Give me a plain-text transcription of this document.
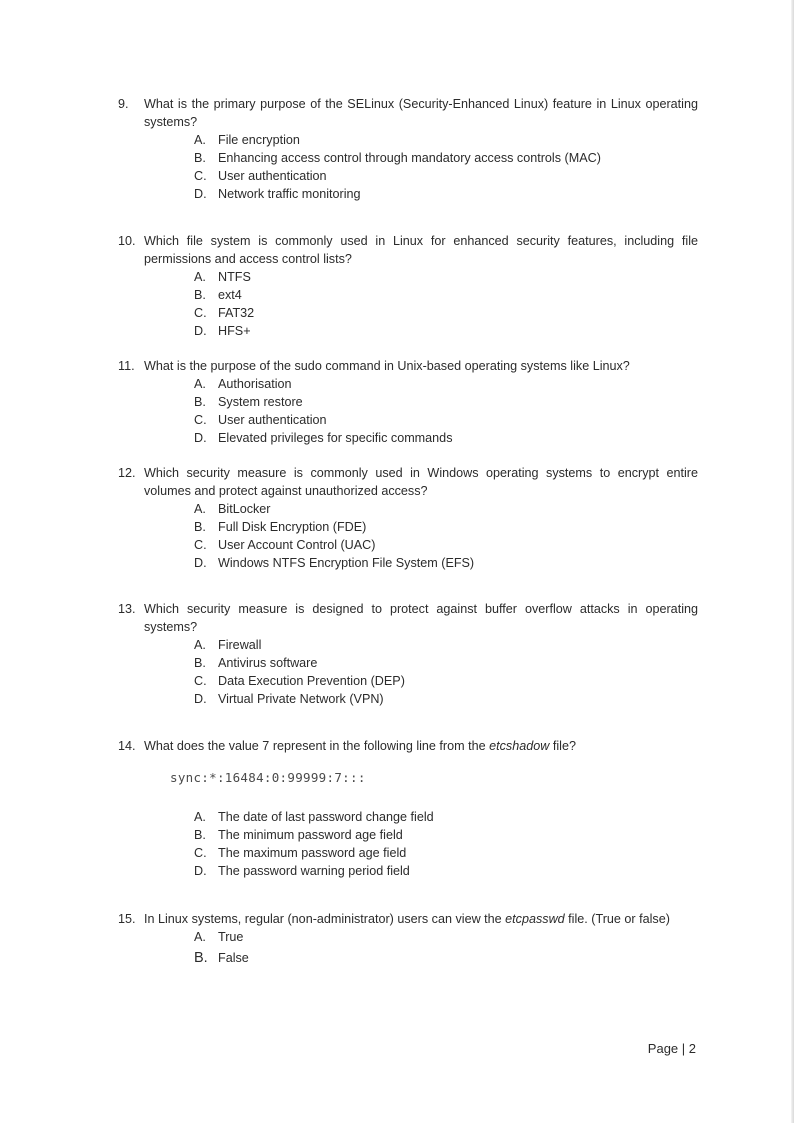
9. What is the primary purpose of the SELinux (Security-Enhanced Linux) feature in Linux operating systems?
A. File encryption
B. Enhancing access control through mandatory access controls (MAC)
C. User authentication
D. Network traffic monitoring
10. Which file system is commonly used in Linux for enhanced security features, including file permissions and access control lists?
A. NTFS
B. ext4
C. FAT32
D. HFS+
11. What is the purpose of the sudo command in Unix-based operating systems like Linux?
A. Authorisation
B. System restore
C. User authentication
D. Elevated privileges for specific commands
12. Which security measure is commonly used in Windows operating systems to encrypt entire volumes and protect against unauthorized access?
A. BitLocker
B. Full Disk Encryption (FDE)
C. User Account Control (UAC)
D. Windows NTFS Encryption File System (EFS)
13. Which security measure is designed to protect against buffer overflow attacks in operating systems?
A. Firewall
B. Antivirus software
C. Data Execution Prevention (DEP)
D. Virtual Private Network (VPN)
14. What does the value 7 represent in the following line from the etcshadow file?
sync:*:16484:0:99999:7:::
A. The date of last password change field
B. The minimum password age field
C. The maximum password age field
D. The password warning period field
15. In Linux systems, regular (non-administrator) users can view the etcpasswd file. (True or false)
A. True
B. False
Page | 2
